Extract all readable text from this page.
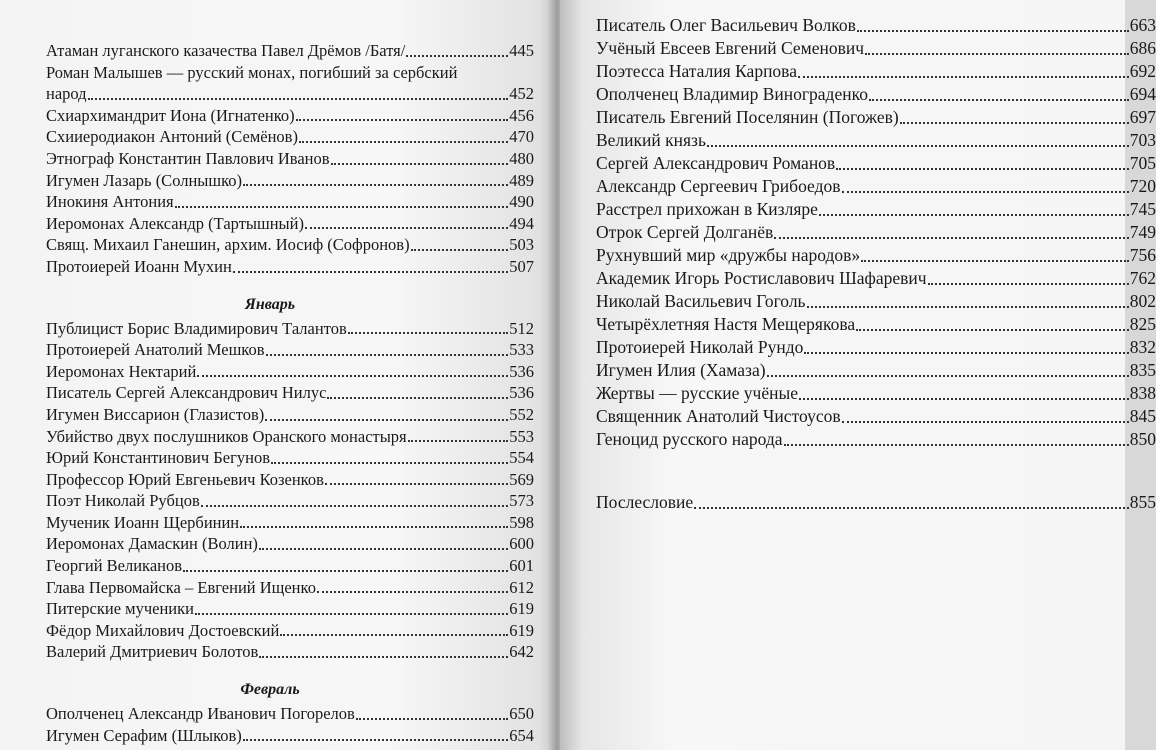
Атаман луганского казачества Павел Дрёмов /Батя/	445
Роман Малышев — русский монах, погибший за сербский
народ	452
Схиархимандрит Иона (Игнатенко)	456
Схииеродиакон Антоний (Семёнов)	470
Этнограф Константин Павлович Иванов	480
Игумен Лазарь (Солнышко)	489
Инокиня Антония	490
Иеромонах Александр (Тартышный)	494
Свящ. Михаил Ганешин, архим. Иосиф (Софронов)	503
Протоиерей Иоанн Мухин	507
Январь
Публицист Борис Владимирович Талантов	512
Протоиерей Анатолий Мешков	533
Иеромонах Нектарий	536
Писатель Сергей Александрович Нилус	536
Игумен Виссарион (Глазистов)	552
Убийство двух послушников Оранского монастыря	553
Юрий Константинович Бегунов	554
Профессор Юрий Евгеньевич Козенков	569
Поэт Николай Рубцов	573
Мученик Иоанн Щербинин	598
Иеромонах Дамаскин (Волин)	600
Георгий Великанов	601
Глава Первомайска – Евгений Ищенко	612
Питерские мученики	619
Фёдор Михайлович Достоевский	619
Валерий Дмитриевич Болотов	642
Февраль
Ополченец Александр Иванович Погорелов	650
Игумен Серафим (Шлыков)	654
Писатель Олег Васильевич Волков	663
Учёный Евсеев Евгений Семенович	686
Поэтесса Наталия Карпова	692
Ополченец Владимир Винограденко	694
Писатель Евгений Поселянин (Погожев)	697
Великий князь	703
Сергей Александрович Романов	705
Александр Сергеевич Грибоедов	720
Расстрел прихожан в Кизляре	745
Отрок Сергей Долганёв	749
Рухнувший мир «дружбы народов»	756
Академик Игорь Ростиславович Шафаревич	762
Николай Васильевич Гоголь	802
Четырёхлетняя Настя Мещерякова	825
Протоиерей Николай Рундо	832
Игумен Илия (Хамаза)	835
Жертвы — русские учёные	838
Священник Анатолий Чистоусов	845
Геноцид русского народа	850
Послесловие	855
